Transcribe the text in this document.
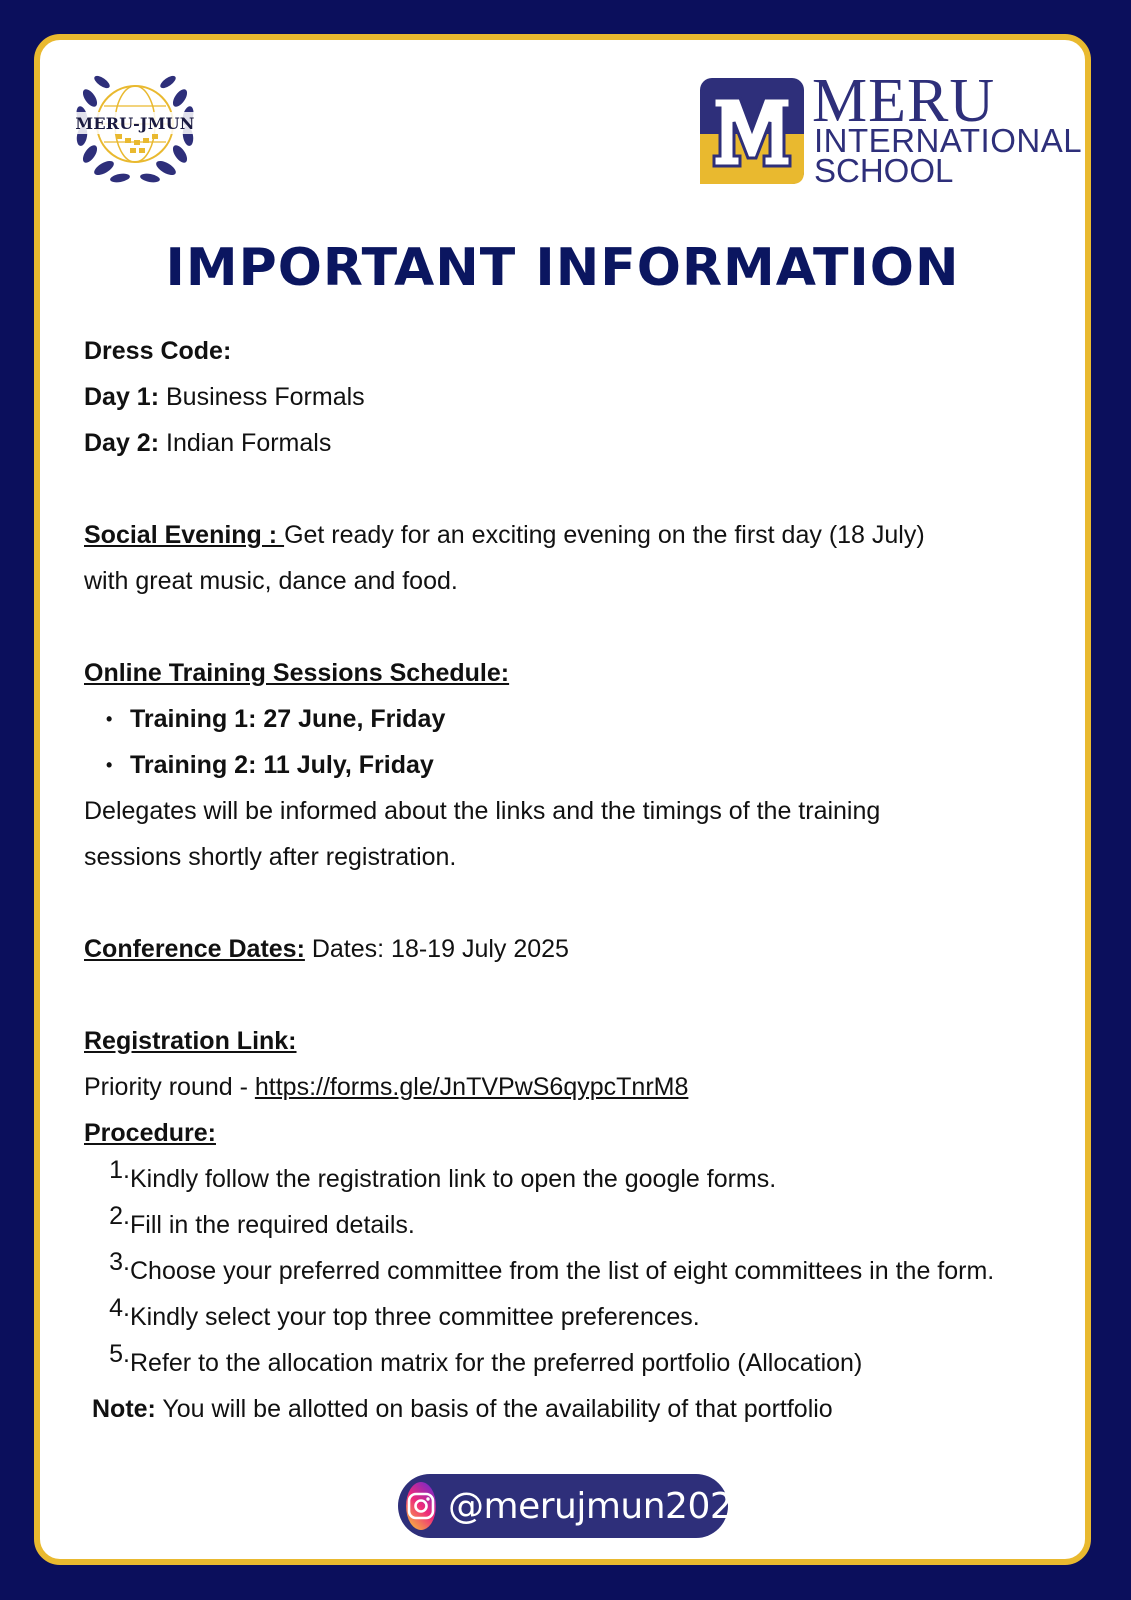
MERU-JMUN	MERU
INTERNATIONAL
SCHOOL
IMPORTANT INFORMATION
Dress Code:
Day 1: Business Formals
Day 2: Indian Formals
Social Evening : Get ready for an exciting evening on the first day (18 July)
with great music, dance and food.
Online Training Sessions Schedule:
• Training 1: 27 June, Friday
• Training 2: 11 July, Friday
Delegates will be informed about the links and the timings of the training
sessions shortly after registration.
Conference Dates: Dates: 18-19 July 2025
Registration Link:
Priority round - https://forms.gle/JnTVPwS6qypcTnrM8
Procedure:
1. Kindly follow the registration link to open the google forms.
2. Fill in the required details.
3. Choose your preferred committee from the list of eight committees in the form.
4. Kindly select your top three committee preferences.
5. Refer to the allocation matrix for the preferred portfolio (Allocation)
Note: You will be allotted on basis of the availability of that portfolio
@merujmun2025
